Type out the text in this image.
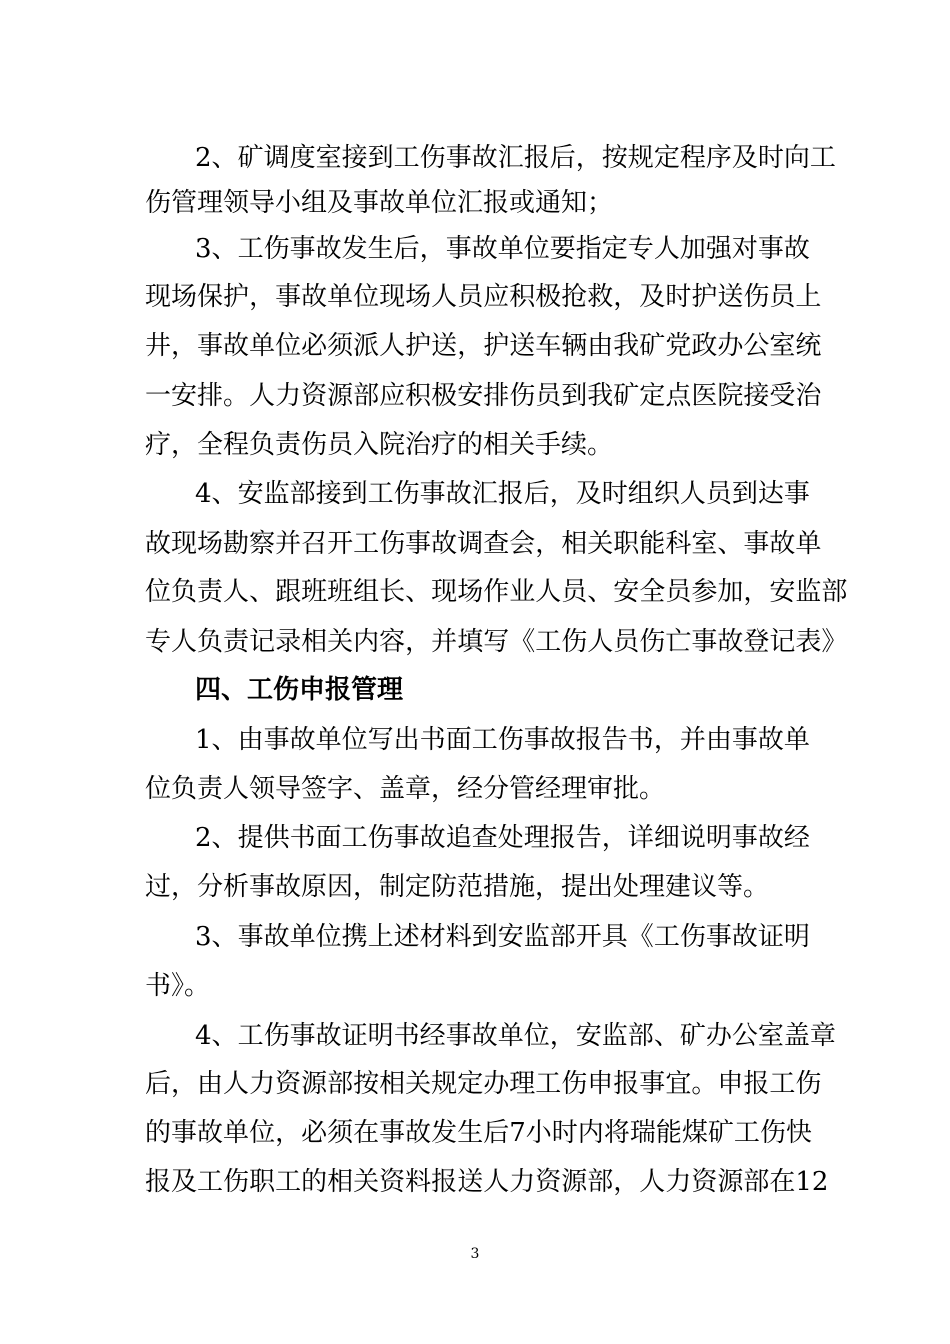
2 、 矿 调 度 室 接 到 工 伤 事 故 汇 报 后 ， 按 规 定 程 序 及 时 向 工
伤管理领导小组及事故单位汇报或通知；
3 、 工 伤 事 故 发 生 后 ， 事 故 单 位 要 指 定 专 人 加 强 对 事 故
现 场 保 护 ， 事 故 单 位 现 场 人 员 应 积 极 抢 救 ， 及 时 护 送 伤 员 上
井 ， 事 故 单 位 必 须 派 人 护 送 ， 护 送 车 辆 由 我 矿 党 政 办 公 室 统
一 安 排 。 人 力 资 源 部 应 积 极 安 排 伤 员 到 我 矿 定 点 医 院 接 受 治
疗，全程负责伤员入院治疗的相关手续。
4 、 安 监 部 接 到 工 伤 事 故 汇 报 后 ， 及 时 组 织 人 员 到 达 事
故 现 场 勘 察 并 召 开 工 伤 事 故 调 查 会 ， 相 关 职 能 科 室 、 事 故 单
位 负 责 人 、 跟 班 班 组 长 、 现 场 作 业 人 员 、 安 全 员 参 加 ， 安 监 部
专 人 负 责 记 录 相 关 内 容 ， 并 填 写 《 工 伤 人 员 伤 亡 事 故 登 记 表 》
四、工伤申报管理
1 、 由 事 故 单 位 写 出 书 面 工 伤 事 故 报 告 书 ， 并 由 事 故 单
位负责人领导签字、盖章，经分管经理审批。
2 、 提 供 书 面 工 伤 事 故 追 查 处 理 报 告 ， 详 细 说 明 事 故 经
过，分析事故原因，制定防范措施，提出处理建议等。
3 、 事 故 单 位 携 上 述 材 料 到 安 监 部 开 具 《 工 伤 事 故 证 明
书》。
4 、 工 伤 事 故 证 明 书 经 事 故 单 位 ， 安 监 部 、 矿 办 公 室 盖 章
后 ， 由 人 力 资 源 部 按 相 关 规 定 办 理 工 伤 申 报 事 宜 。 申 报 工 伤
的 事 故 单 位 ， 必 须 在 事 故 发 生 后 7 小 时 内 将 瑞 能 煤 矿 工 伤 快
报 及 工 伤 职 工 的 相 关 资 料 报 送 人 力 资 源 部 ， 人 力 资 源 部 在 12
3
